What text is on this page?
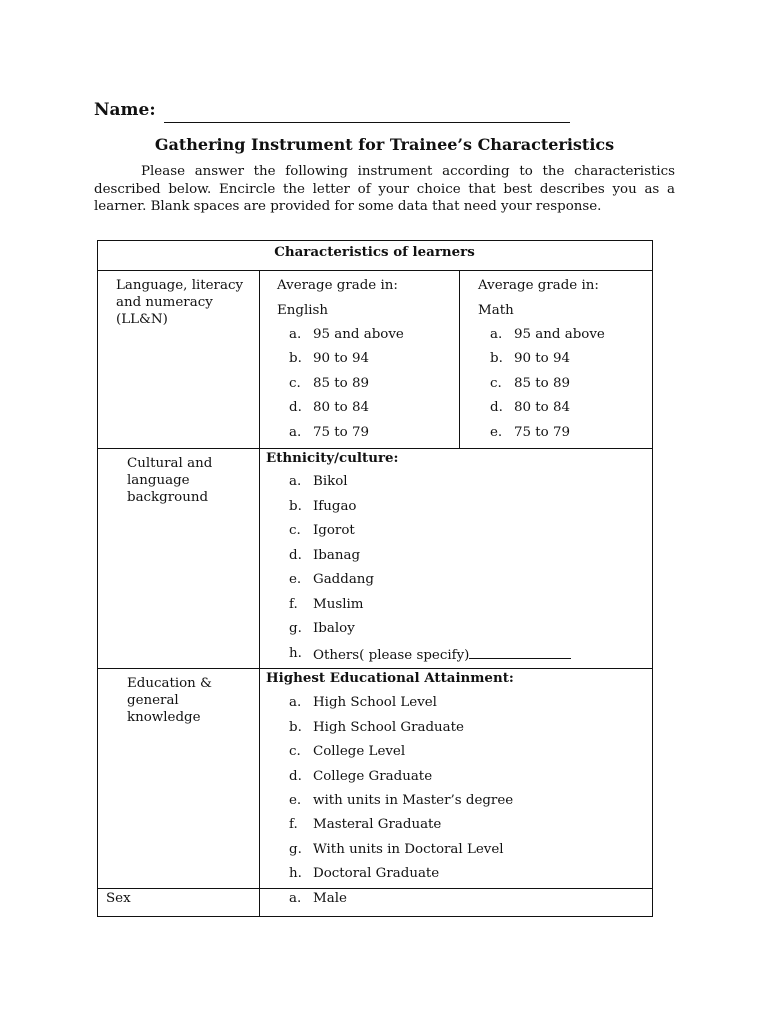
Name:
Gathering Instrument for Trainee’s Characteristics
Please answer the following instrument according to the characteristics described below. Encircle the letter of your choice that best describes you as a learner. Blank spaces are provided for some data that need your response.
Characteristics of learners
Language, literacy and numeracy (LL&N)
Average grade in:
English
a. 95 and above
b. 90 to 94
c. 85 to 89
d. 80 to 84
a. 75 to 79
Average grade in:
Math
a. 95 and above
b. 90 to 94
c. 85 to 89
d. 80 to 84
e. 75 to 79
Cultural and language background
Ethnicity/culture:
a. Bikol
b. Ifugao
c. Igorot
d. Ibanag
e. Gaddang
f. Muslim
g. Ibaloy
h. Others( please specify)
Education & general knowledge
Highest Educational Attainment:
a. High School Level
b. High School Graduate
c. College Level
d. College Graduate
e. with units in Master’s degree
f. Masteral Graduate
g. With units in Doctoral Level
h. Doctoral Graduate
Sex	a. Male
